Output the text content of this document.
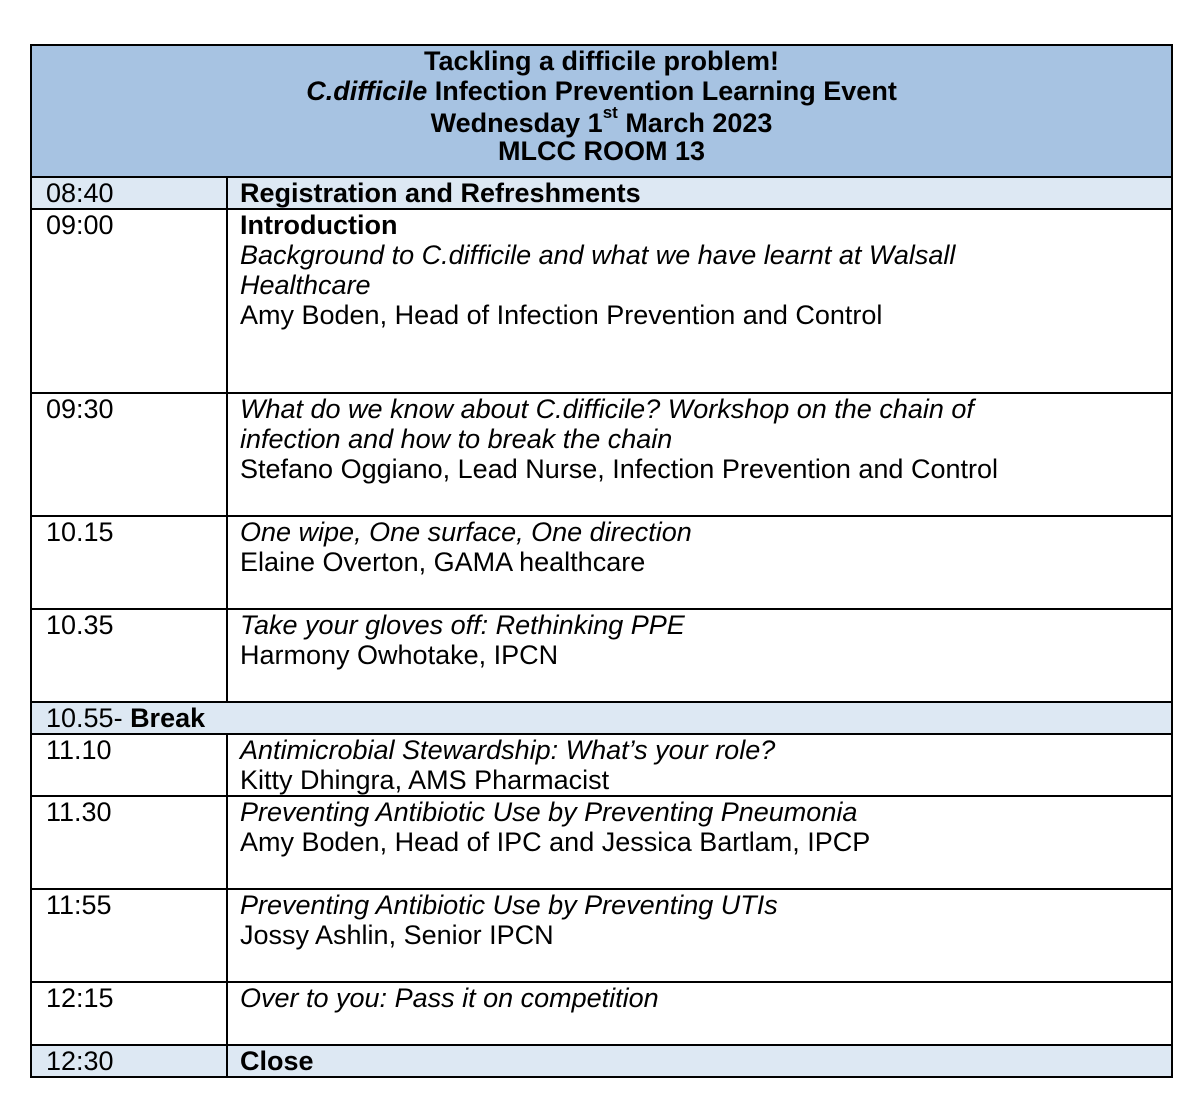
Tackling a difficile problem!
C.difficile Infection Prevention Learning Event
Wednesday 1st March 2023
MLCC ROOM 13	

08:40	Registration and Refreshments

09:00	Introduction
Background to C.difficile and what we have learnt at Walsall
Healthcare
Amy Boden, Head of Infection Prevention and Control

09:30	What do we know about C.difficile? Workshop on the chain of
infection and how to break the chain
Stefano Oggiano, Lead Nurse, Infection Prevention and Control

10.15	One wipe, One surface, One direction
Elaine Overton, GAMA healthcare

10.35	Take your gloves off: Rethinking PPE
Harmony Owhotake, IPCN

10.55- Break	

11.10	Antimicrobial Stewardship: What’s your role?
Kitty Dhingra, AMS Pharmacist

11.30	Preventing Antibiotic Use by Preventing Pneumonia
Amy Boden, Head of IPC and Jessica Bartlam, IPCP

11:55	Preventing Antibiotic Use by Preventing UTIs
Jossy Ashlin, Senior IPCN

12:15	Over to you: Pass it on competition

12:30	Close
